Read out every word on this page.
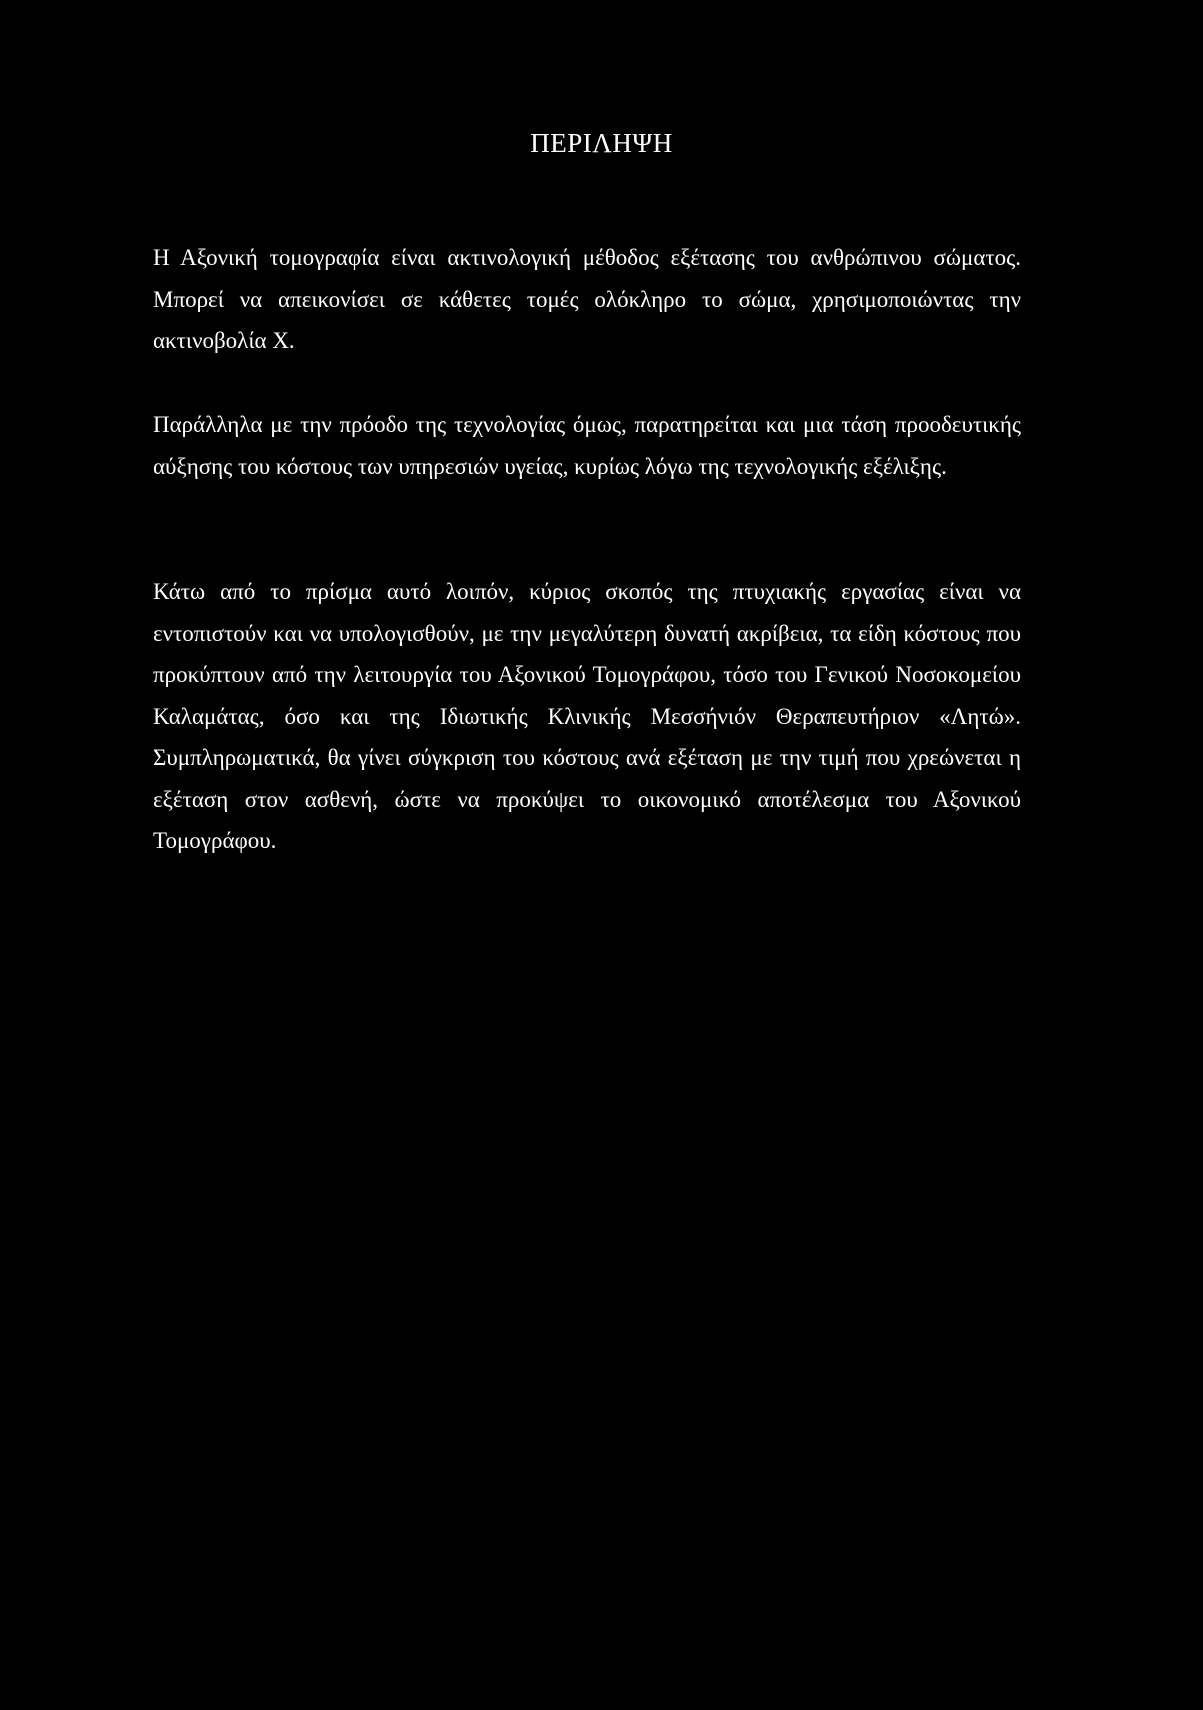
ΠΕΡΙΛΗΨΗ

Η Αξονική τομογραφία είναι ακτινολογική μέθοδος εξέτασης του ανθρώπινου σώματος. Μπορεί να απεικονίσει σε κάθετες τομές ολόκληρο το σώμα, χρησιμοποιώντας την ακτινοβολία Χ.

Παράλληλα με την πρόοδο της τεχνολογίας όμως, παρατηρείται και μια τάση προοδευτικής αύξησης του κόστους των υπηρεσιών υγείας, κυρίως λόγω της τεχνολογικής εξέλιξης.

Κάτω από το πρίσμα αυτό λοιπόν, κύριος σκοπός της πτυχιακής εργασίας είναι να εντοπιστούν και να υπολογισθούν, με την μεγαλύτερη δυνατή ακρίβεια, τα είδη κόστους που προκύπτουν από την λειτουργία του Αξονικού Τομογράφου, τόσο του Γενικού Νοσοκομείου Καλαμάτας, όσο και της Ιδιωτικής Κλινικής Μεσσήνιόν Θεραπευτήριον «Λητώ». Συμπληρωματικά, θα γίνει σύγκριση του κόστους ανά εξέταση με την τιμή που χρεώνεται η εξέταση στον ασθενή, ώστε να προκύψει το οικονομικό αποτέλεσμα του Αξονικού Τομογράφου.
